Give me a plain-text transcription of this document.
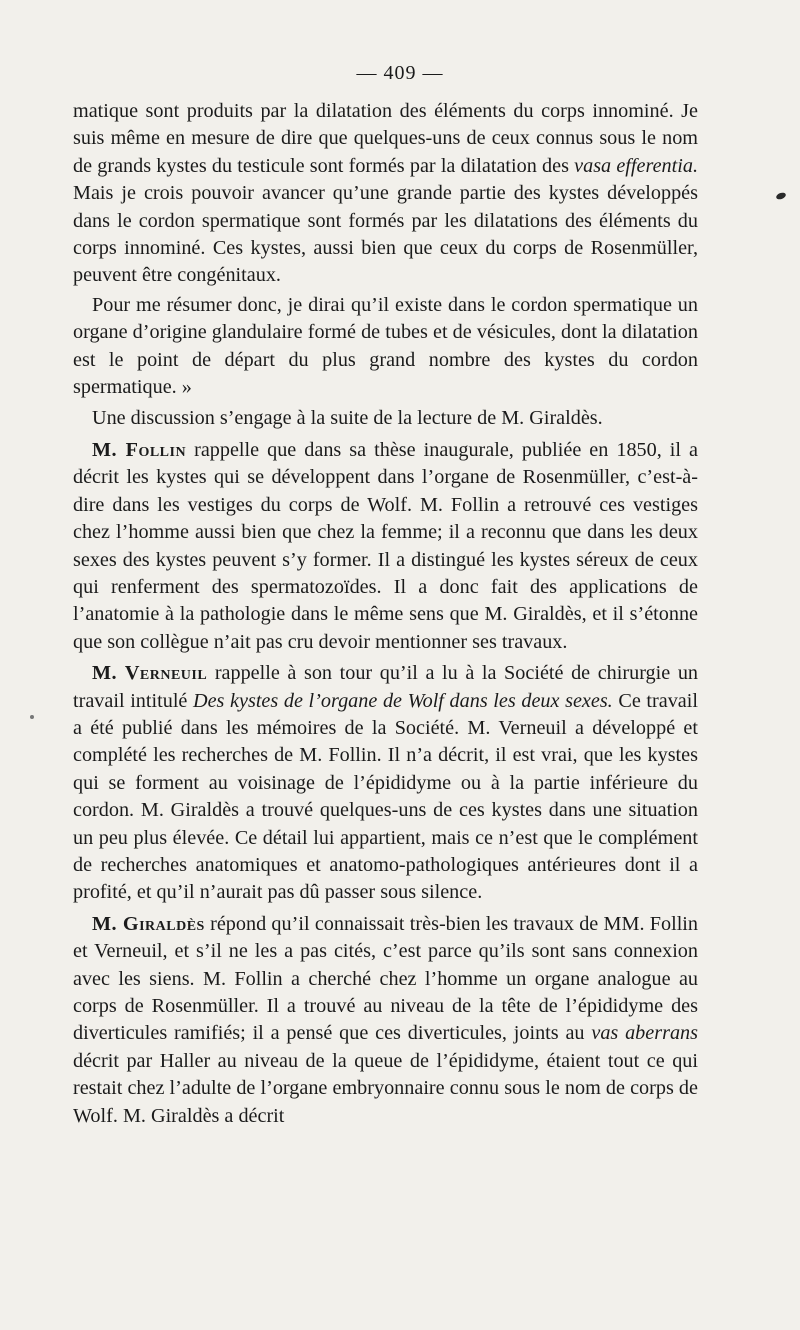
— 409 —

matique sont produits par la dilatation des éléments du corps innominé. Je suis même en mesure de dire que quelques-uns de ceux connus sous le nom de grands kystes du testicule sont formés par la dilatation des vasa efferentia. Mais je crois pouvoir avancer qu’une grande partie des kystes développés dans le cordon spermatique sont formés par les dilatations des éléments du corps innominé. Ces kystes, aussi bien que ceux du corps de Rosenmüller, peuvent être congénitaux.

Pour me résumer donc, je dirai qu’il existe dans le cordon spermatique un organe d’origine glandulaire formé de tubes et de vésicules, dont la dilatation est le point de départ du plus grand nombre des kystes du cordon spermatique. »

Une discussion s’engage à la suite de la lecture de M. Giraldès.

M. Follin rappelle que dans sa thèse inaugurale, publiée en 1850, il a décrit les kystes qui se développent dans l’organe de Rosenmüller, c’est-à-dire dans les vestiges du corps de Wolf. M. Follin a retrouvé ces vestiges chez l’homme aussi bien que chez la femme; il a reconnu que dans les deux sexes des kystes peuvent s’y former. Il a distingué les kystes séreux de ceux qui renferment des spermatozoïdes. Il a donc fait des applications de l’anatomie à la pathologie dans le même sens que M. Giraldès, et il s’étonne que son collègue n’ait pas cru devoir mentionner ses travaux.

M. Verneuil rappelle à son tour qu’il a lu à la Société de chirurgie un travail intitulé Des kystes de l’organe de Wolf dans les deux sexes. Ce travail a été publié dans les mémoires de la Société. M. Verneuil a développé et complété les recherches de M. Follin. Il n’a décrit, il est vrai, que les kystes qui se forment au voisinage de l’épididyme ou à la partie inférieure du cordon. M. Giraldès a trouvé quelques-uns de ces kystes dans une situation un peu plus élevée. Ce détail lui appartient, mais ce n’est que le complément de recherches anatomiques et anatomo-pathologiques antérieures dont il a profité, et qu’il n’aurait pas dû passer sous silence.

M. Giraldès répond qu’il connaissait très-bien les travaux de MM. Follin et Verneuil, et s’il ne les a pas cités, c’est parce qu’ils sont sans connexion avec les siens. M. Follin a cherché chez l’homme un organe analogue au corps de Rosenmüller. Il a trouvé au niveau de la tête de l’épididyme des diverticules ramifiés; il a pensé que ces diverticules, joints au vas aberrans décrit par Haller au niveau de la queue de l’épididyme, étaient tout ce qui restait chez l’adulte de l’organe embryonnaire connu sous le nom de corps de Wolf. M. Giraldès a décrit
